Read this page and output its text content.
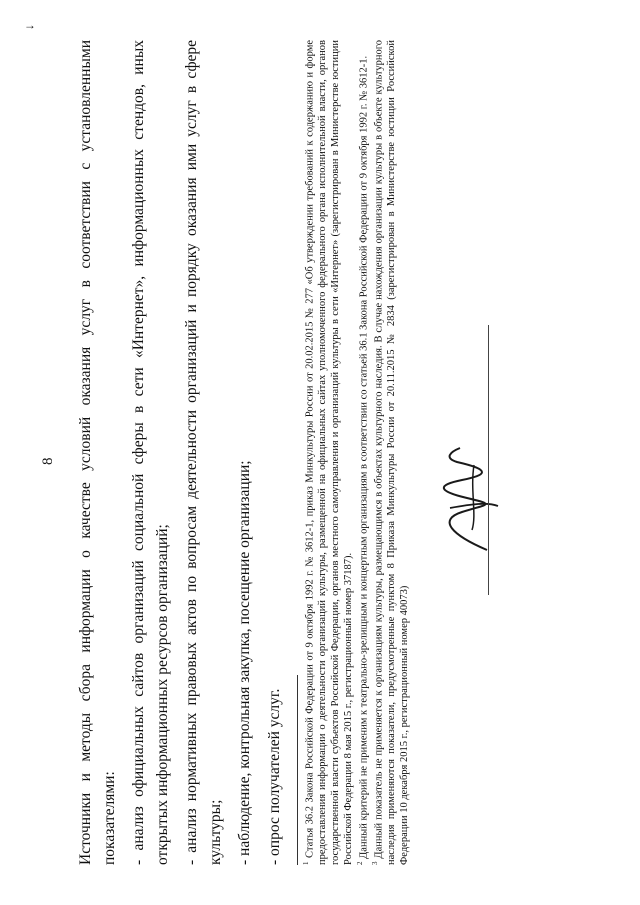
↓
8 Источники и методы сбора информации о качестве условий оказания услуг в соответствии с установленными показателями: - анализ официальных сайтов организаций социальной сферы в сети «Интернет», информационных стендов, иных открытых информационных ресурсов организаций; - анализ нормативных правовых актов по вопросам деятельности организаций и порядку оказания ими услуг в сфере культуры; - наблюдение, контрольная закупка, посещение организации; - опрос получателей услуг.	$^1$ Статья 36.2 Закона Российской Федерации от 9 октября 1992 г. № 3612-1, приказ Минкультуры России от 20.02.2015 № 277 «Об утверждении требований к содержанию и форме предоставления информации о деятельности организаций культуры, размещенной на официальных сайтах уполномоченного федерального органа исполнительной власти, органов государственной власти субъектов Российской Федерации, органов местного самоуправления и организаций культуры в сети «Интернет» (зарегистрирован в Министерстве юстиции Российской Федерации 8 мая 2015 г., регистрационный номер 37187). $^2$ Данный критерий не применим к театрально-зрелищным и концертным организациям в соответствии со статьей 36.1 Закона Российской Федерации от 9 октября 1992 г. № 3612-1.

$^3$ Данный показатель не применяется к организациям культуры, размещающимся в объектах культурного наследия. В случае нахождения организации культуры в объекте культурного наследия применяются показатели, предусмотренные пунктом 8 Приказа Минкультуры России от 20.11.2015 № 2834 (зарегистрирован в Министерстве юстиции Российской Федерации 10 декабря 2015 г., регистрационный номер 40073)
